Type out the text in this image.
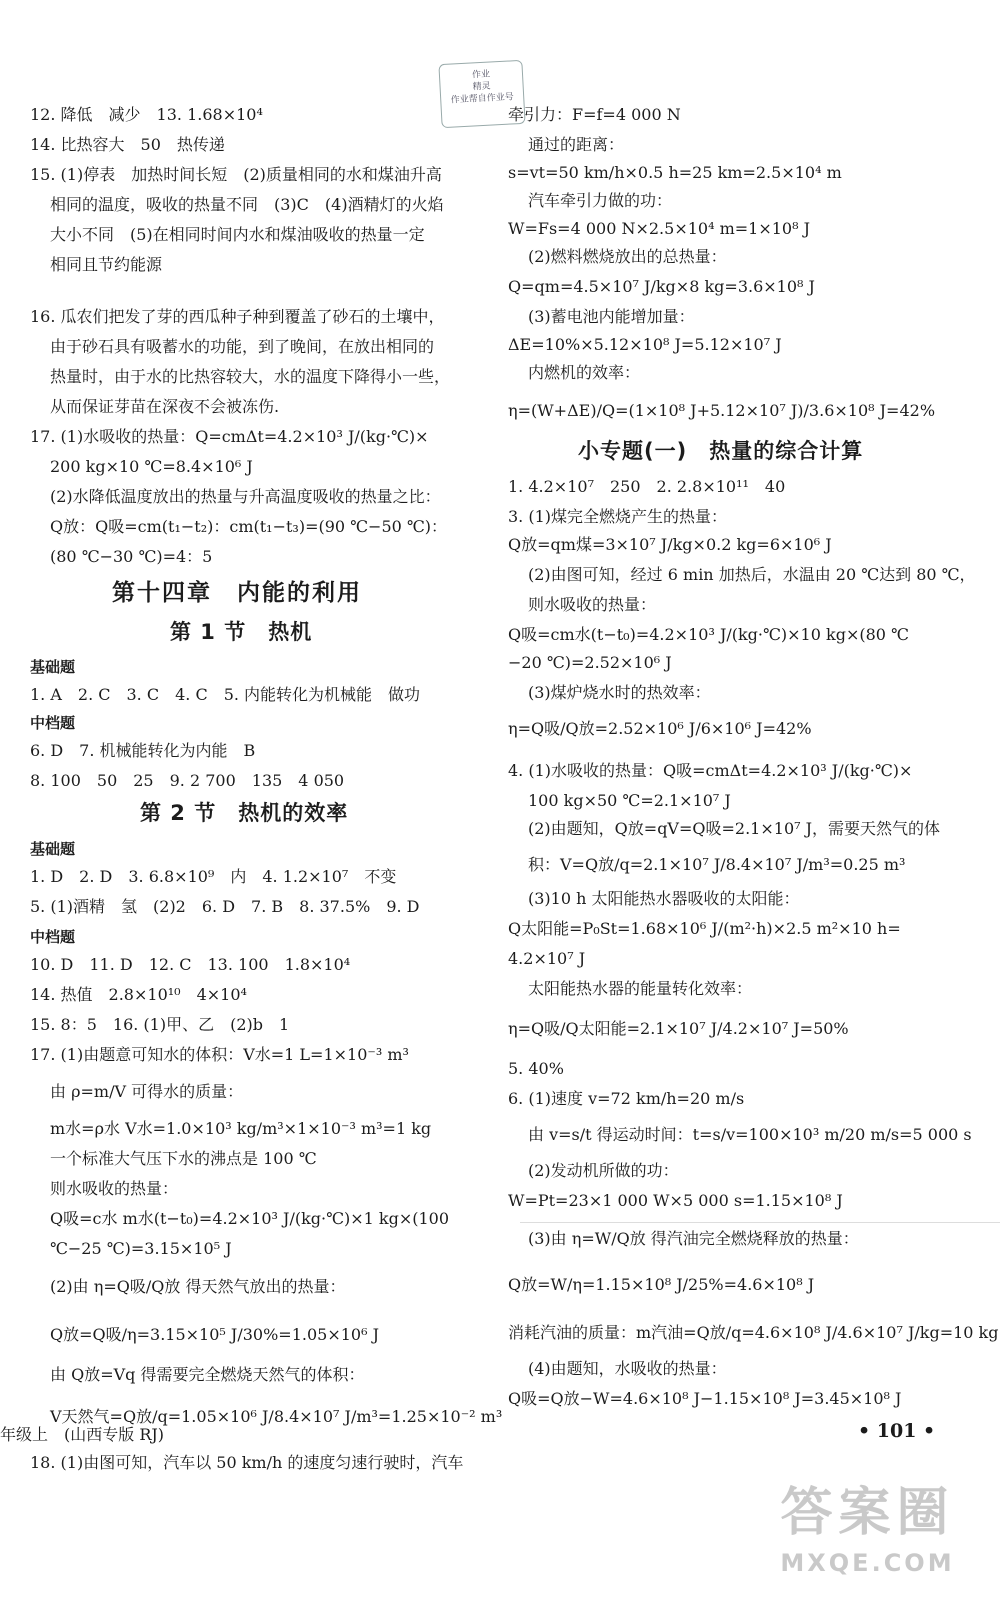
作业
精灵
作业帮自作业号
12. 降低　减少　13. 1.68×10⁴
14. 比热容大　50　热传递
15. (1)停表　加热时间长短　(2)质量相同的水和煤油升高
相同的温度，吸收的热量不同　(3)C　(4)酒精灯的火焰
大小不同　(5)在相同时间内水和煤油吸收的热量一定
相同且节约能源
16. 瓜农们把发了芽的西瓜种子种到覆盖了砂石的土壤中，
由于砂石具有吸蓄水的功能，到了晚间，在放出相同的
热量时，由于水的比热容较大，水的温度下降得小一些，
从而保证芽苗在深夜不会被冻伤.
17. (1)水吸收的热量：Q=cmΔt=4.2×10³ J/(kg·℃)×
200 kg×10 ℃=8.4×10⁶ J
(2)水降低温度放出的热量与升高温度吸收的热量之比：
Q放：Q吸=cm(t₁−t₂)：cm(t₁−t₃)=(90 ℃−50 ℃)：
(80 ℃−30 ℃)=4：5
第十四章　内能的利用
第 1 节　热机
基础题
1. A　2. C　3. C　4. C　5. 内能转化为机械能　做功
中档题
6. D　7. 机械能转化为内能　B
8. 100　50　25　9. 2 700　135　4 050
第 2 节　热机的效率
基础题
1. D　2. D　3. 6.8×10⁹　内　4. 1.2×10⁷　不变
5. (1)酒精　氢　(2)2　6. D　7. B　8. 37.5%　9. D
中档题
10. D　11. D　12. C　13. 100　1.8×10⁴
14. 热值　2.8×10¹⁰　4×10⁴
15. 8：5　16. (1)甲、乙　(2)b　1
17. (1)由题意可知水的体积：V水=1 L=1×10⁻³ m³
由 ρ=m/V 可得水的质量：
m水=ρ水 V水=1.0×10³ kg/m³×1×10⁻³ m³=1 kg
一个标准大气压下水的沸点是 100 ℃
则水吸收的热量：
Q吸=c水 m水(t−t₀)=4.2×10³ J/(kg·℃)×1 kg×(100
℃−25 ℃)=3.15×10⁵ J
(2)由 η=Q吸/Q放 得天然气放出的热量：
Q放=Q吸/η=3.15×10⁵ J/30%=1.05×10⁶ J
由 Q放=Vq 得需要完全燃烧天然气的体积：
V天然气=Q放/q=1.05×10⁶ J/8.4×10⁷ J/m³=1.25×10⁻² m³
18. (1)由图可知，汽车以 50 km/h 的速度匀速行驶时，汽车
牵引力：F=f=4 000 N
通过的距离：
s=vt=50 km/h×0.5 h=25 km=2.5×10⁴ m
汽车牵引力做的功：
W=Fs=4 000 N×2.5×10⁴ m=1×10⁸ J
(2)燃料燃烧放出的总热量：
Q=qm=4.5×10⁷ J/kg×8 kg=3.6×10⁸ J
(3)蓄电池内能增加量：
ΔE=10%×5.12×10⁸ J=5.12×10⁷ J
内燃机的效率：
η=(W+ΔE)/Q=(1×10⁸ J+5.12×10⁷ J)/3.6×10⁸ J=42%
小专题(一)　热量的综合计算
1. 4.2×10⁷　250　2. 2.8×10¹¹　40
3. (1)煤完全燃烧产生的热量：
Q放=qm煤=3×10⁷ J/kg×0.2 kg=6×10⁶ J
(2)由图可知，经过 6 min 加热后，水温由 20 ℃达到 80 ℃，
则水吸收的热量：
Q吸=cm水(t−t₀)=4.2×10³ J/(kg·℃)×10 kg×(80 ℃
−20 ℃)=2.52×10⁶ J
(3)煤炉烧水时的热效率：
η=Q吸/Q放=2.52×10⁶ J/6×10⁶ J=42%
4. (1)水吸收的热量：Q吸=cmΔt=4.2×10³ J/(kg·℃)×
100 kg×50 ℃=2.1×10⁷ J
(2)由题知，Q放=qV=Q吸=2.1×10⁷ J，需要天然气的体
积：V=Q放/q=2.1×10⁷ J/8.4×10⁷ J/m³=0.25 m³
(3)10 h 太阳能热水器吸收的太阳能：
Q太阳能=P₀St=1.68×10⁶ J/(m²·h)×2.5 m²×10 h=
4.2×10⁷ J
太阳能热水器的能量转化效率：
η=Q吸/Q太阳能=2.1×10⁷ J/4.2×10⁷ J=50%
5. 40%
6. (1)速度 v=72 km/h=20 m/s
由 v=s/t 得运动时间：t=s/v=100×10³ m/20 m/s=5 000 s
(2)发动机所做的功：
W=Pt=23×1 000 W×5 000 s=1.15×10⁸ J
(3)由 η=W/Q放 得汽油完全燃烧释放的热量：
Q放=W/η=1.15×10⁸ J/25%=4.6×10⁸ J
消耗汽油的质量：m汽油=Q放/q=4.6×10⁸ J/4.6×10⁷ J/kg=10 kg
(4)由题知，水吸收的热量：
Q吸=Q放−W=4.6×10⁸ J−1.15×10⁸ J=3.45×10⁸ J
年级上　(山西专版 RJ)	• 101 •
答案圈
MXQE.COM
